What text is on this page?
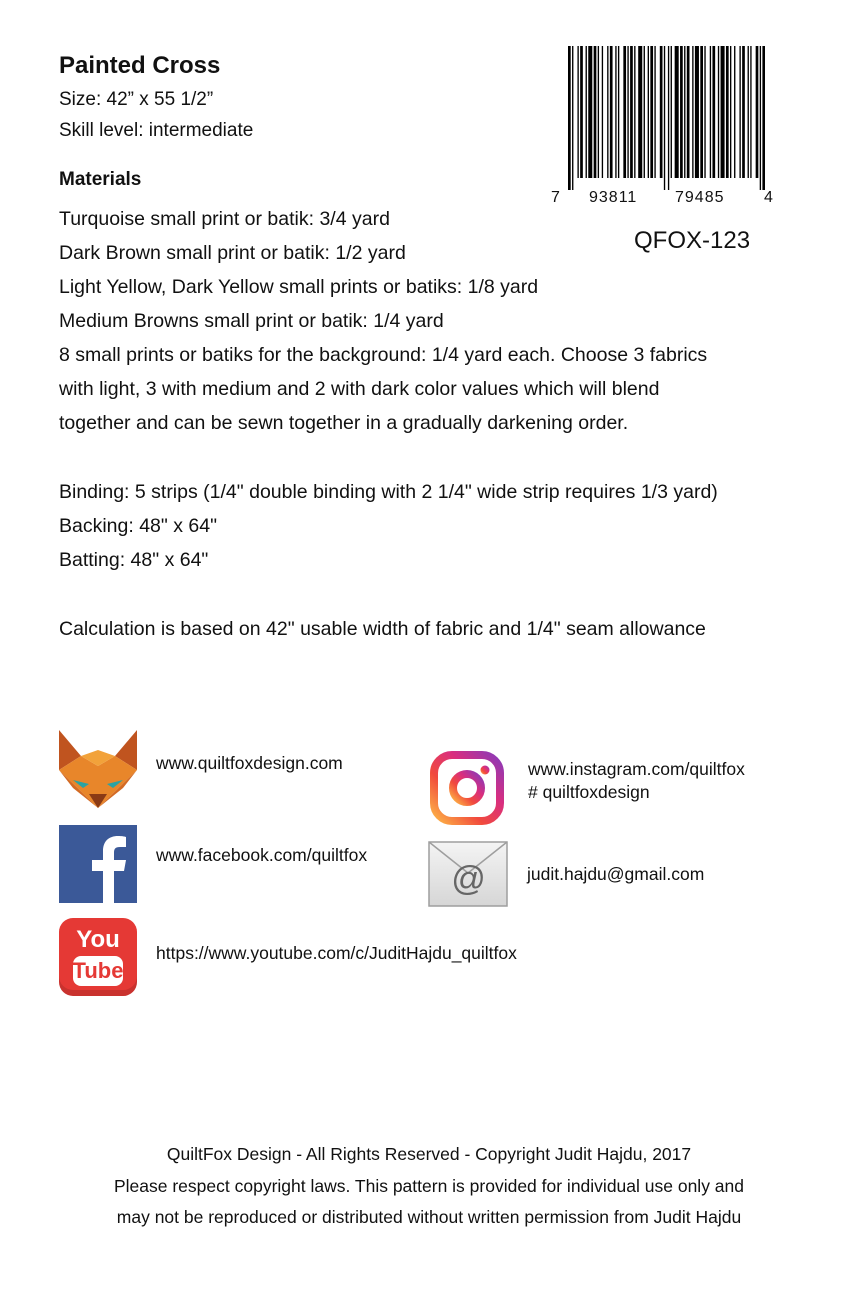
Painted Cross
Size: 42” x 55 1/2”
Skill level: intermediate
7 93811 79485 4
QFOX-123
Materials
Turquoise small print or batik: 3/4 yard
Dark Brown small print or batik: 1/2 yard
Light Yellow, Dark Yellow small prints or batiks: 1/8 yard
Medium Browns small print or batik: 1/4 yard
8 small prints or batiks for the background: 1/4 yard each. Choose 3 fabrics
with light, 3 with medium and 2 with dark color values which will blend
together and can be sewn together in a gradually darkening order.
Binding: 5 strips (1/4" double binding with 2 1/4" wide strip requires 1/3 yard)
Backing: 48" x 64"
Batting: 48" x 64"
Calculation is based on 42" usable width of fabric and 1/4" seam allowance
www.quiltfoxdesign.com	www.instagram.com/quiltfox
# quiltfoxdesign
www.facebook.com/quiltfox
@ judit.hajdu@gmail.com
You
Tube
https://www.youtube.com/c/JuditHajdu_quiltfox
QuiltFox Design - All Rights Reserved - Copyright Judit Hajdu, 2017
Please respect copyright laws. This pattern is provided for individual use only and
may not be reproduced or distributed without written permission from Judit Hajdu
